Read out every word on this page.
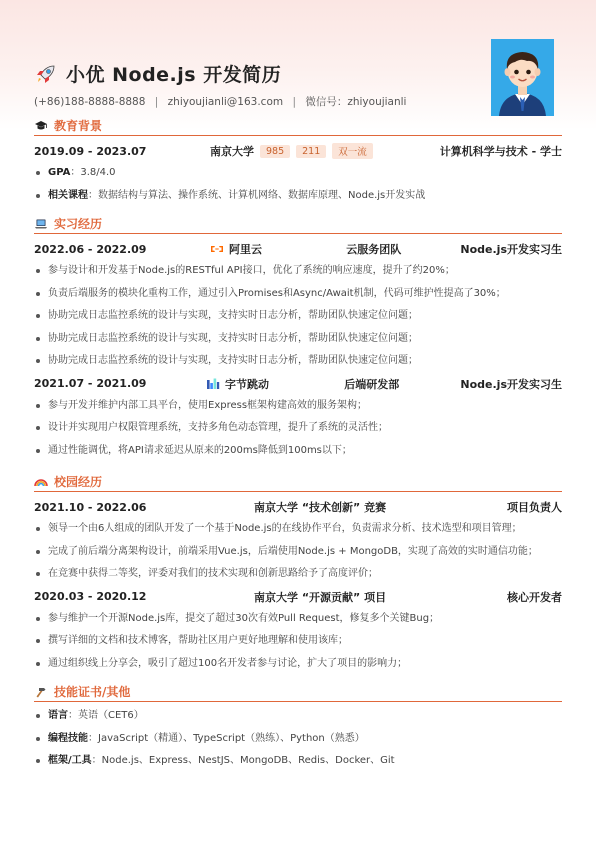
小优 Node.js 开发简历
(+86)188-8888-8888 | zhiyoujianli@163.com | 微信号：zhiyoujianli
教育背景
2019.09 - 2023.07	南京大学	985	211	双一流	计算机科学与技术 - 学士
GPA：3.8/4.0
相关课程：数据结构与算法、操作系统、计算机网络、数据库原理、Node.js开发实战
实习经历
2022.06 - 2022.09	阿里云	云服务团队	Node.js开发实习生
参与设计和开发基于Node.js的RESTful API接口，优化了系统的响应速度，提升了约20%；
负责后端服务的模块化重构工作，通过引入Promises和Async/Await机制，代码可维护性提高了30%；
协助完成日志监控系统的设计与实现，支持实时日志分析，帮助团队快速定位问题；
协助完成日志监控系统的设计与实现，支持实时日志分析，帮助团队快速定位问题；
协助完成日志监控系统的设计与实现，支持实时日志分析，帮助团队快速定位问题；
2021.07 - 2021.09	字节跳动	后端研发部	Node.js开发实习生
参与开发并维护内部工具平台，使用Express框架构建高效的服务架构；
设计并实现用户权限管理系统，支持多角色动态管理，提升了系统的灵活性；
通过性能调优，将API请求延迟从原来的200ms降低到100ms以下；
校园经历
2021.10 - 2022.06	南京大学 “技术创新” 竞赛	项目负责人
领导一个由6人组成的团队开发了一个基于Node.js的在线协作平台，负责需求分析、技术选型和项目管理；
完成了前后端分离架构设计，前端采用Vue.js，后端使用Node.js + MongoDB，实现了高效的实时通信功能；
在竞赛中获得二等奖，评委对我们的技术实现和创新思路给予了高度评价；
2020.03 - 2020.12	南京大学 “开源贡献” 项目	核心开发者
参与维护一个开源Node.js库，提交了超过30次有效Pull Request，修复多个关键Bug；
撰写详细的文档和技术博客，帮助社区用户更好地理解和使用该库；
通过组织线上分享会，吸引了超过100名开发者参与讨论，扩大了项目的影响力；
技能证书/其他
语言：英语（CET6）
编程技能：JavaScript（精通）、TypeScript（熟练）、Python（熟悉）
框架/工具：Node.js、Express、NestJS、MongoDB、Redis、Docker、Git
